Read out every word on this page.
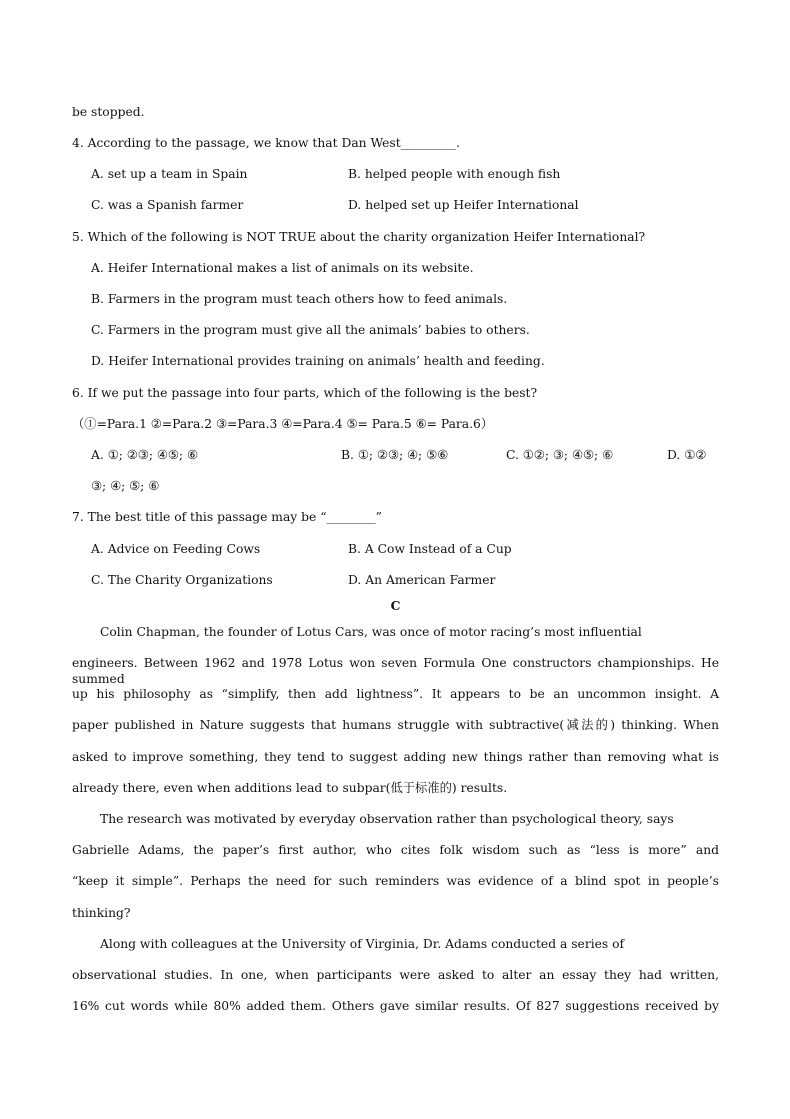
be stopped.
4. According to the passage, we know that Dan West_________.
A. set up a team in Spain	B. helped people with enough fish
C. was a Spanish farmer	D. helped set up Heifer International
5. Which of the following is NOT TRUE about the charity organization Heifer International?
A. Heifer International makes a list of animals on its website.
B. Farmers in the program must teach others how to feed animals.
C. Farmers in the program must give all the animals’ babies to others.
D. Heifer International provides training on animals’ health and feeding.
6. If we put the passage into four parts, which of the following is the best?
（①=Para.1 ②=Para.2 ③=Para.3 ④=Para.4 ⑤= Para.5 ⑥= Para.6）
A. ①; ②③; ④⑤; ⑥	B. ①; ②③; ④; ⑤⑥	C. ①②; ③; ④⑤; ⑥	D. ①②
③; ④; ⑤; ⑥
7. The best title of this passage may be “________”
A. Advice on Feeding Cows	B. A Cow Instead of a Cup
C. The Charity Organizations	D. An American Farmer
C
Colin Chapman, the founder of Lotus Cars, was once of motor racing’s most influential
engineers. Between 1962 and 1978 Lotus won seven Formula One constructors championships. He summed
up his philosophy as “simplify, then add lightness”. It appears to be an uncommon insight. A
paper published in Nature suggests that humans struggle with subtractive(减法的) thinking. When
asked to improve something, they tend to suggest adding new things rather than removing what is
already there, even when additions lead to subpar(低于标准的) results.
The research was motivated by everyday observation rather than psychological theory, says
Gabrielle Adams, the paper’s first author, who cites folk wisdom such as “less is more” and
“keep it simple”. Perhaps the need for such reminders was evidence of a blind spot in people’s
thinking?
Along with colleagues at the University of Virginia, Dr. Adams conducted a series of
observational studies. In one, when participants were asked to alter an essay they had written,
16% cut words while 80% added them. Others gave similar results. Of 827 suggestions received by
